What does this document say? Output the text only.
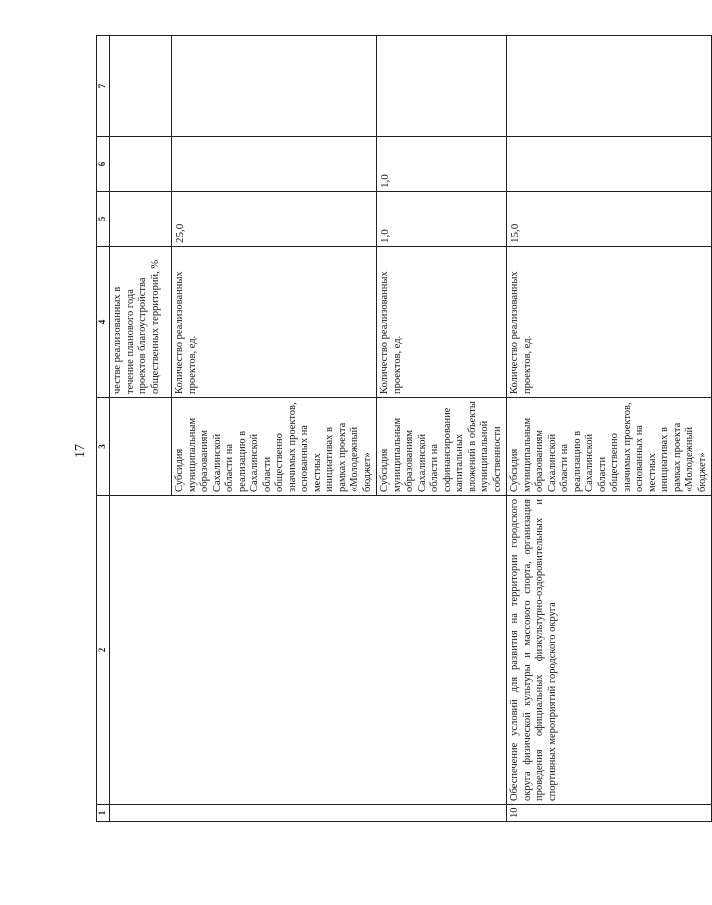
17
1	2	3	4	5	6	7
			честве реализованных в течение планового года проектов благоустройства общественных территорий, %			
		Субсидия муниципальным образованиям Сахалинской области на реализацию в Сахалинской области общественно значимых проектов, основанных на местных инициативах в рамках проекта «Молодежный бюджет»	Количество реализованных проектов, ед.	25,0		
		Субсидия муниципальным образованиям Сахалинской области на софинансирование капитальных вложений в объекты муниципальной собственности	Количество реализованных проектов, ед.	1,0	1,0	
10	Обеспечение условий для развития на территории городского округа физической культуры и массового спорта, организация проведения официальных физкультурно-оздоровительных и спортивных мероприятий городского округа	Субсидия муниципальным образованиям Сахалинской области на реализацию в Сахалинской области общественно значимых проектов, основанных на местных инициативах в рамках проекта «Молодежный бюджет»	Количество реализованных проектов, ед.	15,0		
